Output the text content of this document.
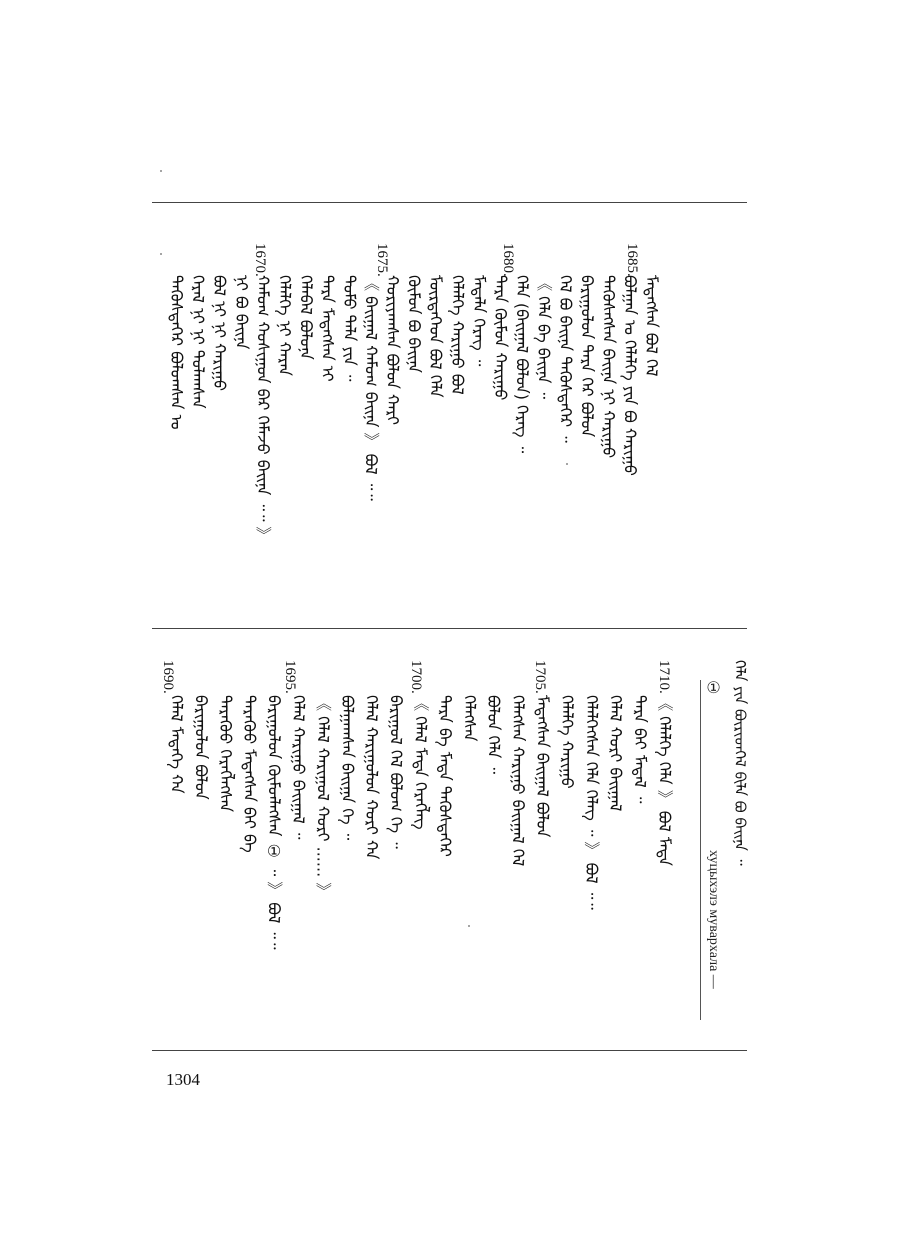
ᠲᠡᠭᠦᠰᠲᠡᠭᠡᠷ ᠪᠤᠯᠤᠭᠰᠠᠨ ᠤ ᠭᠡᠷᠡᠯ ᠨᠢ ᠨᠢ ᠲᠤᠯᠠᠭᠰᠠᠨ ᠪᠤᠯ ᠨᠢ ᠨᠢ ᠬᠠᠷᠢᠭᠤ ᠨᠢ ᠪᠤ ᠪᠠᠢᠨᠠ ᠬᠠᠮᠤᠭ ᠬᠤᠰᠢᠭᠤᠨ ᠪᠠᠷ ᠬᠡᠮᠡᠵᠦ ᠪᠠᠢᠨᠠ ᠃᠃ 》 ᠬᠡᠯᠡᠯᠬᠡ ᠨᠢ ᠬᠠᠷᠠᠨ ᠬᠡᠯᠡᠪᠡᠯ ᠪᠣᠯᠣᠨᠠ ᠲᠡᠷᠡ ᠮᠡᠳᠡᠭᠰᠡᠨ ᠢ ᠲᠣᠮᠤ ᠲᠠᠯᠠ ᠶᠢᠨ ᠃ 《 ᠪᠠᠢᠭᠠᠯ ᠬᠠᠮᠤᠭ ᠪᠠᠢᠨᠠ 》 ᠪᠤᠯ ᠃᠃ ᠬᠤᠷᠢᠶᠠᠭᠰᠠᠨ ᠪᠤᠯᠤᠨ ᠬᠠᠷᠢ ᠬᠦᠮᠦᠨ ᠪᠤ ᠪᠠᠢᠨᠠ ᠮᠦᠷᠳᠡᠭᠡᠳ ᠪᠤᠯ ᠬᠡᠯᠡ ᠬᠡᠯᠡᠯᠬᠡ ᠬᠠᠷᠢᠭᠤ ᠪᠣᠯ ᠮᠡᠳᠡᠯᠡ ᠬᠡᠷᠡᠭ ᠃ ᠲᠡᠷᠡ ᠬᠦᠮᠦᠨ ᠬᠠᠷᠢᠭᠤ ᠬᠡᠯᠡ (ᠪᠠᠢᠭᠠᠯ ᠪᠤᠯᠤᠨ) ᠬᠡᠷᠡᠭ ᠃ 《 ᠬᠡᠯᠡ ᠪᠠ ᠪᠠᠢᠨᠠ ᠃ ᠬᠡᠯ ᠪᠤ ᠪᠠᠢᠨᠠ ᠲᠡᠭᠦᠰᠲᠡᠭᠡᠷ ᠃ ᠪᠠᠷᠢᠭᠤᠯᠤᠨ ᠲᠡᠷᠡ ᠬᠡᠷ ᠪᠣᠯᠤᠨ ᠲᠡᠭᠦᠰᠡᠭᠰᠡᠨ ᠪᠠᠢᠨᠠ ᠨᠢ ᠬᠠᠷᠢᠭᠤ ᠪᠣᠯᠭᠠᠨ ᠤ ᠬᠡᠯᠡᠯᠬᠡ ᠶᠢᠨ ᠪᠤ ᠬᠠᠷᠢᠭᠤ ᠮᠡᠳᠡᠭᠰᠡᠨ ᠪᠣᠯ ᠬᠡᠯ
1670.	1675.	1680.	1685.
ᠬᠡᠯᠡᠯ ᠮᠡᠳᠡᠭᠡ ᠬᠠ ᠪᠠᠷᠢᠭᠤᠯᠤᠨ ᠪᠤᠯᠤᠨ ᠲᠡᠷᠡᠭᠦᠦ ᠬᠡᠷᠡᠭᠯᠡᠭᠰᠡᠨ ᠲᠡᠷᠡᠭᠦᠦ ᠮᠡᠳᠡᠭᠰᠡᠨ ᠪᠠᠢ ᠪᠠ ᠪᠠᠷᠢᠭᠤᠯᠤᠨ ᠬᠦᠮᠦᠨᠯᠡᠭᠰᠡᠨ ① ᠃ 》 ᠪᠤᠯ ᠃᠃ ᠬᠡᠯᠡᠯ ᠬᠠᠷᠢᠭᠤ ᠪᠠᠢᠭᠠᠯ ᠃ 《 ᠬᠡᠯᠡᠯ ᠬᠠᠷᠢᠭᠤᠯ ᠬᠤᠷᠢ ...... 》 ᠪᠣᠯᠭᠠᠭᠰᠠᠨ ᠪᠠᠢᠭᠠ ᠬᠡ ᠃ ᠬᠡᠯᠡᠯ ᠬᠠᠷᠢᠭᠤᠯᠤᠨ ᠬᠤᠷᠢ ᠬᠠ ᠪᠠᠷᠢᠭᠤᠯ ᠬᠡᠯ ᠪᠤᠯᠤᠭ ᠬᠡ ᠃ 《 ᠬᠡᠯᠡᠯ ᠮᠡᠳᠡ ᠬᠡᠷᠡᠭᠯᠡᠭ ᠲᠡᠷᠡ ᠪᠠ ᠮᠡᠳᠡ ᠲᠡᠭᠦᠰᠲᠡᠭᠡᠷ ᠬᠡᠯᠡᠭᠰᠡᠨ ᠪᠣᠯᠤᠨ ᠬᠡᠯᠡ ᠃ ᠬᠡᠯᠡᠭᠰᠡᠨ ᠬᠠᠷᠢᠭᠤ ᠪᠠᠢᠭᠠᠯ ᠬᠡᠯ ᠮᠡᠳᠡᠭᠰᠡᠨ ᠪᠠᠢᠭᠠᠯ ᠪᠤᠯᠤᠨ ᠬᠡᠯᠡᠯᠬᠡ ᠬᠠᠷᠢᠭᠤ ᠬᠡᠯᠡᠯᠬᠡᠭᠰᠡᠨ ᠬᠡᠯᠡ ᠬᠡᠯᠡᠭ ᠃ 》 ᠪᠤᠯ ᠃᠃ ᠬᠡᠯᠡᠯ ᠬᠤᠷᠢ ᠪᠠᠢᠭᠠᠯ ᠲᠡᠷᠡ ᠪᠠᠢ ᠮᠡᠳᠡᠯ ᠃ 《 ᠬᠡᠯᠡᠯᠬᠡ ᠬᠡᠯᠡ 》 ᠪᠤᠯ ᠮᠡᠳᠡ
1690.	1695.	1700.	1705.	1710. ①
хуцыхэлэ мувархала —
ᠬᠡᠯᠡ ᠶᠢᠨ ᠪᠦᠷᠢᠳᠬᠡᠯ ᠪᠢᠯᠡ ᠪᠤ ᠪᠠᠢᠨᠠ ᠃
1304
